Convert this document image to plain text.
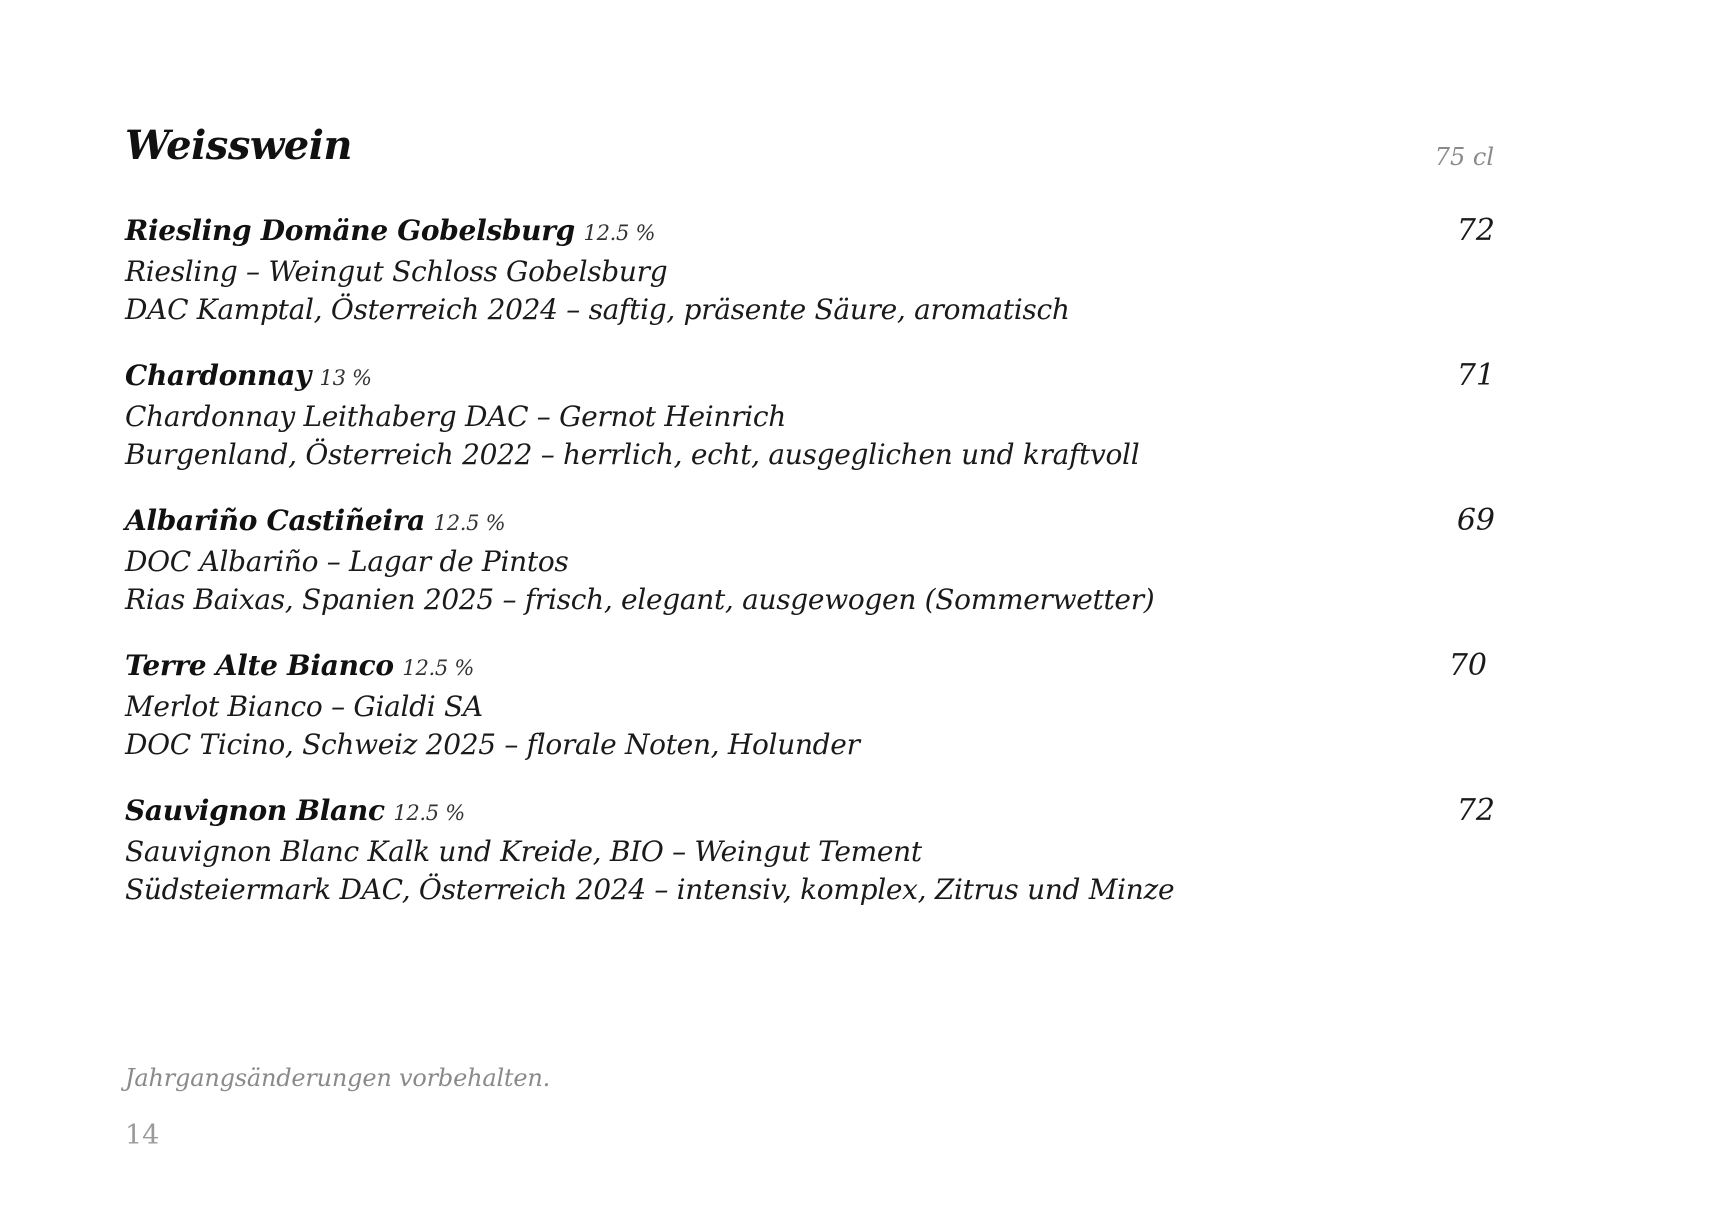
Weisswein	75 cl
Riesling Domäne Gobelsburg 12.5 %
Riesling – Weingut Schloss Gobelsburg
DAC Kamptal, Österreich 2024 – saftig, präsente Säure, aromatisch
72
Chardonnay 13 %
Chardonnay Leithaberg DAC – Gernot Heinrich
Burgenland, Österreich 2022 – herrlich, echt, ausgeglichen und kraftvoll
71
Albariño Castiñeira 12.5 %
DOC Albariño – Lagar de Pintos
Rias Baixas, Spanien 2025 – frisch, elegant, ausgewogen (Sommerwetter)
69
Terre Alte Bianco 12.5 %
Merlot Bianco – Gialdi SA
DOC Ticino, Schweiz 2025 – florale Noten, Holunder
70
Sauvignon Blanc 12.5 %
Sauvignon Blanc Kalk und Kreide, BIO – Weingut Tement
Südsteiermark DAC, Österreich 2024 – intensiv, komplex, Zitrus und Minze
72
Jahrgangsänderungen vorbehalten.
14
